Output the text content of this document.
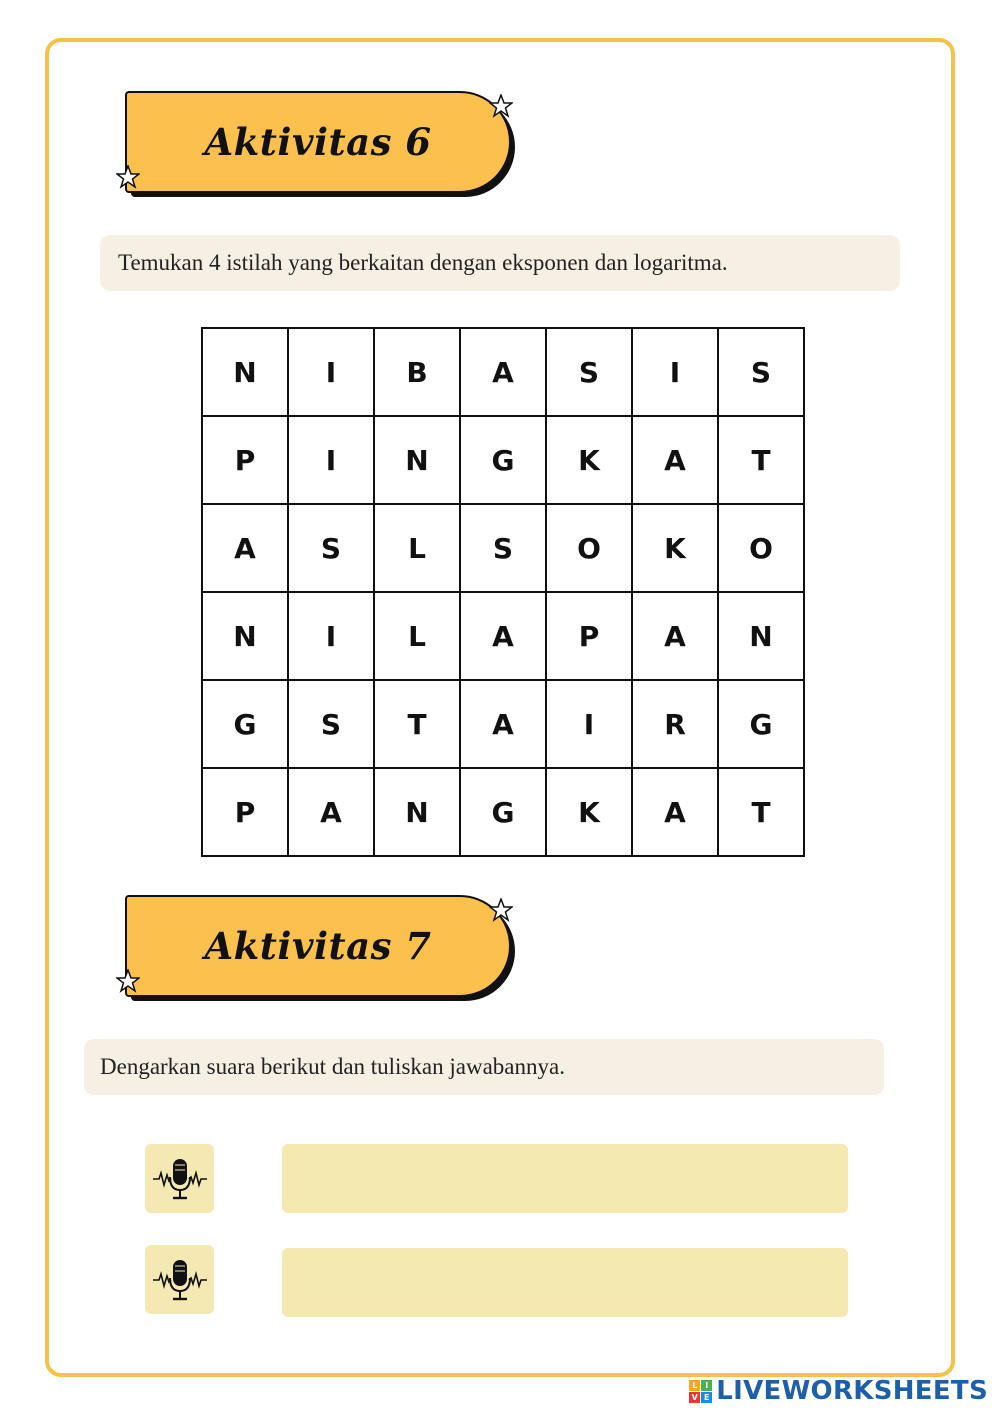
Aktivitas 6
Temukan 4 istilah yang berkaitan dengan eksponen dan logaritma.
N	I	B	A	S	I	S
P	I	N	G	K	A	T
A	S	L	S	O	K	O
N	I	L	A	P	A	N
G	S	T	A	I	R	G
P	A	N	G	K	A	T
Aktivitas 7
Dengarkan suara berikut dan tuliskan jawabannya.
L I
V E LIVEWORKSHEETS
